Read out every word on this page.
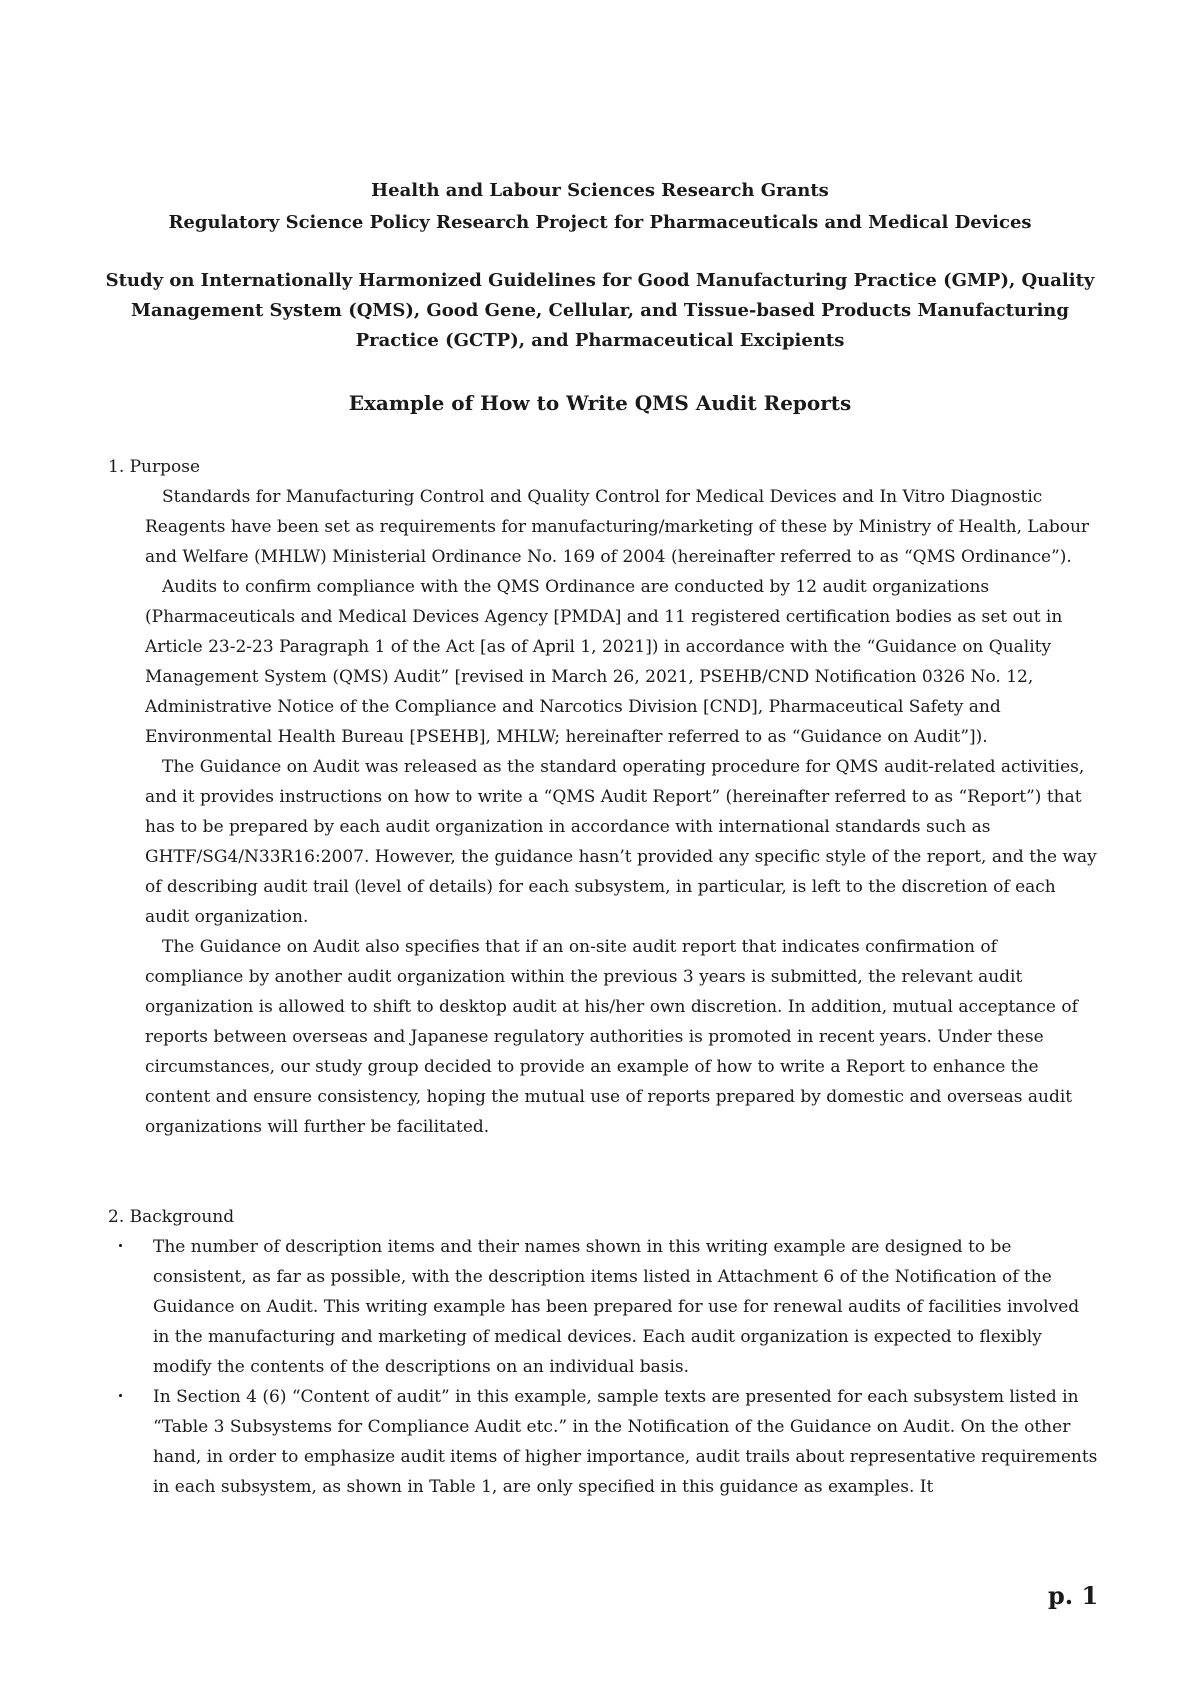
Health and Labour Sciences Research Grants
Regulatory Science Policy Research Project for Pharmaceuticals and Medical Devices
Study on Internationally Harmonized Guidelines for Good Manufacturing Practice (GMP), Quality Management System (QMS), Good Gene, Cellular, and Tissue-based Products Manufacturing Practice (GCTP), and Pharmaceutical Excipients
Example of How to Write QMS Audit Reports
1. Purpose

Standards for Manufacturing Control and Quality Control for Medical Devices and In Vitro Diagnostic Reagents have been set as requirements for manufacturing/marketing of these by Ministry of Health, Labour and Welfare (MHLW) Ministerial Ordinance No. 169 of 2004 (hereinafter referred to as “QMS Ordinance”).

Audits to confirm compliance with the QMS Ordinance are conducted by 12 audit organizations (Pharmaceuticals and Medical Devices Agency [PMDA] and 11 registered certification bodies as set out in Article 23-2-23 Paragraph 1 of the Act [as of April 1, 2021]) in accordance with the “Guidance on Quality Management System (QMS) Audit” [revised in March 26, 2021, PSEHB/CND Notification 0326 No. 12, Administrative Notice of the Compliance and Narcotics Division [CND], Pharmaceutical Safety and Environmental Health Bureau [PSEHB], MHLW; hereinafter referred to as “Guidance on Audit”]).

The Guidance on Audit was released as the standard operating procedure for QMS audit-related activities, and it provides instructions on how to write a “QMS Audit Report” (hereinafter referred to as “Report”) that has to be prepared by each audit organization in accordance with international standards such as GHTF/SG4/N33R16:2007. However, the guidance hasn’t provided any specific style of the report, and the way of describing audit trail (level of details) for each subsystem, in particular, is left to the discretion of each audit organization.

The Guidance on Audit also specifies that if an on-site audit report that indicates confirmation of compliance by another audit organization within the previous 3 years is submitted, the relevant audit organization is allowed to shift to desktop audit at his/her own discretion. In addition, mutual acceptance of reports between overseas and Japanese regulatory authorities is promoted in recent years. Under these circumstances, our study group decided to provide an example of how to write a Report to enhance the content and ensure consistency, hoping the mutual use of reports prepared by domestic and overseas audit organizations will further be facilitated.

2. Background
・ The number of description items and their names shown in this writing example are designed to be consistent, as far as possible, with the description items listed in Attachment 6 of the Notification of the Guidance on Audit. This writing example has been prepared for use for renewal audits of facilities involved in the manufacturing and marketing of medical devices. Each audit organization is expected to flexibly modify the contents of the descriptions on an individual basis.
・ In Section 4 (6) “Content of audit” in this example, sample texts are presented for each subsystem listed in “Table 3 Subsystems for Compliance Audit etc.” in the Notification of the Guidance on Audit. On the other hand, in order to emphasize audit items of higher importance, audit trails about representative requirements in each subsystem, as shown in Table 1, are only specified in this guidance as examples. It
p. 1
